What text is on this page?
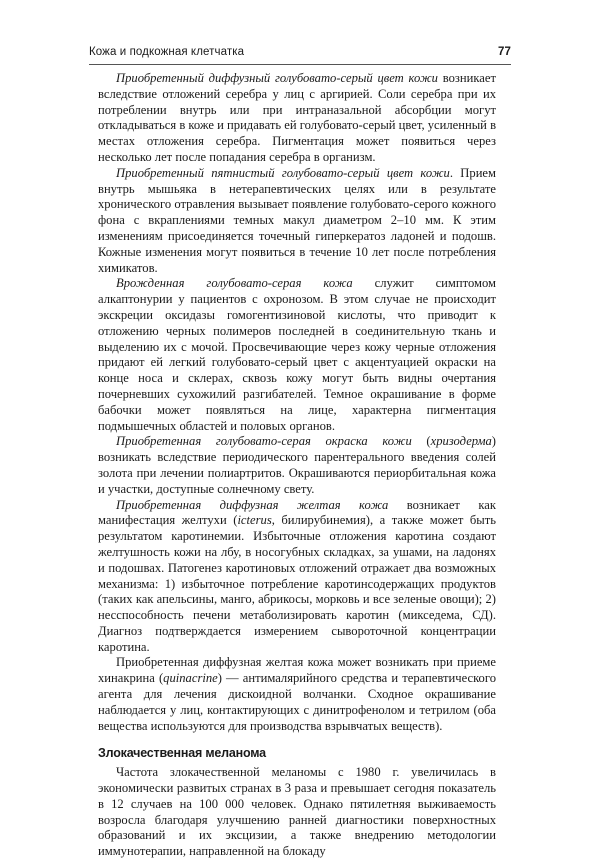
Кожа и подкожная клетчатка	77

Приобретенный диффузный голубовато-серый цвет кожи возникает вследствие отложений серебра у лиц с аргирией. Соли серебра при их потреблении внутрь или при интраназальной абсорбции могут откладываться в коже и придавать ей голубовато-серый цвет, усиленный в местах отложения серебра. Пигментация может появиться через несколько лет после попадания серебра в организм.

Приобретенный пятнистый голубовато-серый цвет кожи. Прием внутрь мышьяка в нетерапевтических целях или в результате хронического отравления вызывает появление голубовато-серого кожного фона с вкраплениями темных макул диаметром 2–10 мм. К этим изменениям присоединяется точечный гиперкератоз ладоней и подошв. Кожные изменения могут появиться в течение 10 лет после потребления химикатов.

Врожденная голубовато-серая кожа служит симптомом алкаптонурии у пациентов с охронозом. В этом случае не происходит экскреции оксидазы гомогентизиновой кислоты, что приводит к отложению черных полимеров последней в соединительную ткань и выделению их с мочой. Просвечивающие через кожу черные отложения придают ей легкий голубовато-серый цвет с акцентуацией окраски на конце носа и склерах, сквозь кожу могут быть видны очертания почерневших сухожилий разгибателей. Темное окрашивание в форме бабочки может появляться на лице, характерна пигментация подмышечных областей и половых органов.

Приобретенная голубовато-серая окраска кожи (хризодерма) возникать вследствие периодического парентерального введения солей золота при лечении полиартритов. Окрашиваются периорбитальная кожа и участки, доступные солнечному свету.

Приобретенная диффузная желтая кожа возникает как манифестация желтухи (icterus, билирубинемия), а также может быть результатом каротинемии. Избыточные отложения каротина создают желтушность кожи на лбу, в носогубных складках, за ушами, на ладонях и подошвах. Патогенез каротиновых отложений отражает два возможных механизма: 1) избыточное потребление каротинсодержащих продуктов (таких как апельсины, манго, абрикосы, морковь и все зеленые овощи); 2) несспособность печени метаболизировать каротин (микседема, СД). Диагноз подтверждается измерением сывороточной концентрации каротина.

Приобретенная диффузная желтая кожа может возникать при приеме хинакрина (quinacrine) — антималярийного средства и терапевтического агента для лечения дискоидной волчанки. Сходное окрашивание наблюдается у лиц, контактирующих с динитрофенолом и тетрилом (оба вещества используются для производства взрывчатых веществ).

Злокачественная меланома

Частота злокачественной меланомы с 1980 г. увеличилась в экономически развитых странах в 3 раза и превышает сегодня показатель в 12 случаев на 100 000 человек. Однако пятилетняя выживаемость возросла благодаря улучшению ранней диагностики поверхностных образований и их эксцизии, а также внедрению методологии иммунотерапии, направленной на блокаду
